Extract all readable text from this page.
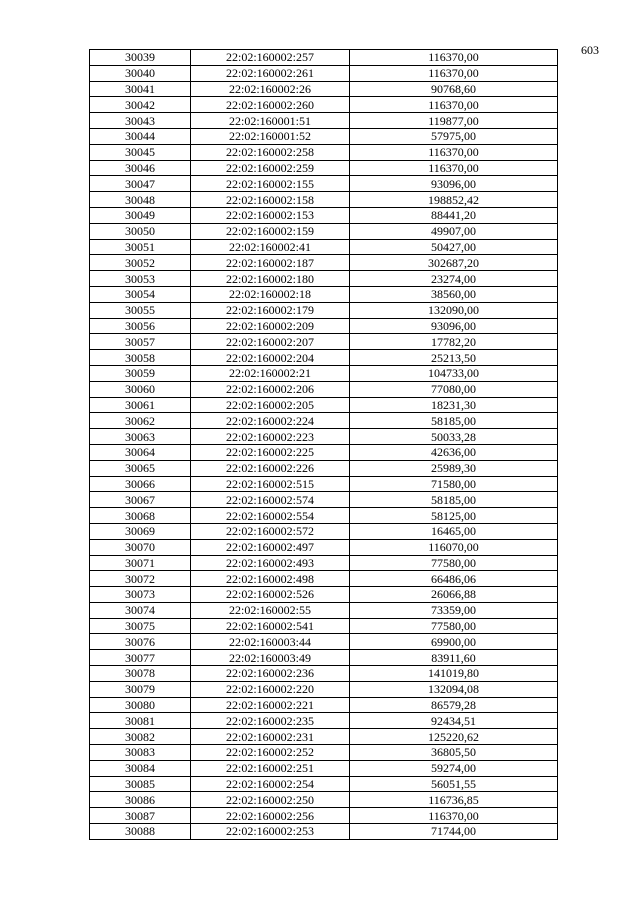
603
30039	22:02:160002:257	116370,00
30040	22:02:160002:261	116370,00
30041	22:02:160002:26	90768,60
30042	22:02:160002:260	116370,00
30043	22:02:160001:51	119877,00
30044	22:02:160001:52	57975,00
30045	22:02:160002:258	116370,00
30046	22:02:160002:259	116370,00
30047	22:02:160002:155	93096,00
30048	22:02:160002:158	198852,42
30049	22:02:160002:153	88441,20
30050	22:02:160002:159	49907,00
30051	22:02:160002:41	50427,00
30052	22:02:160002:187	302687,20
30053	22:02:160002:180	23274,00
30054	22:02:160002:18	38560,00
30055	22:02:160002:179	132090,00
30056	22:02:160002:209	93096,00
30057	22:02:160002:207	17782,20
30058	22:02:160002:204	25213,50
30059	22:02:160002:21	104733,00
30060	22:02:160002:206	77080,00
30061	22:02:160002:205	18231,30
30062	22:02:160002:224	58185,00
30063	22:02:160002:223	50033,28
30064	22:02:160002:225	42636,00
30065	22:02:160002:226	25989,30
30066	22:02:160002:515	71580,00
30067	22:02:160002:574	58185,00
30068	22:02:160002:554	58125,00
30069	22:02:160002:572	16465,00
30070	22:02:160002:497	116070,00
30071	22:02:160002:493	77580,00
30072	22:02:160002:498	66486,06
30073	22:02:160002:526	26066,88
30074	22:02:160002:55	73359,00
30075	22:02:160002:541	77580,00
30076	22:02:160003:44	69900,00
30077	22:02:160003:49	83911,60
30078	22:02:160002:236	141019,80
30079	22:02:160002:220	132094,08
30080	22:02:160002:221	86579,28
30081	22:02:160002:235	92434,51
30082	22:02:160002:231	125220,62
30083	22:02:160002:252	36805,50
30084	22:02:160002:251	59274,00
30085	22:02:160002:254	56051,55
30086	22:02:160002:250	116736,85
30087	22:02:160002:256	116370,00
30088	22:02:160002:253	71744,00
